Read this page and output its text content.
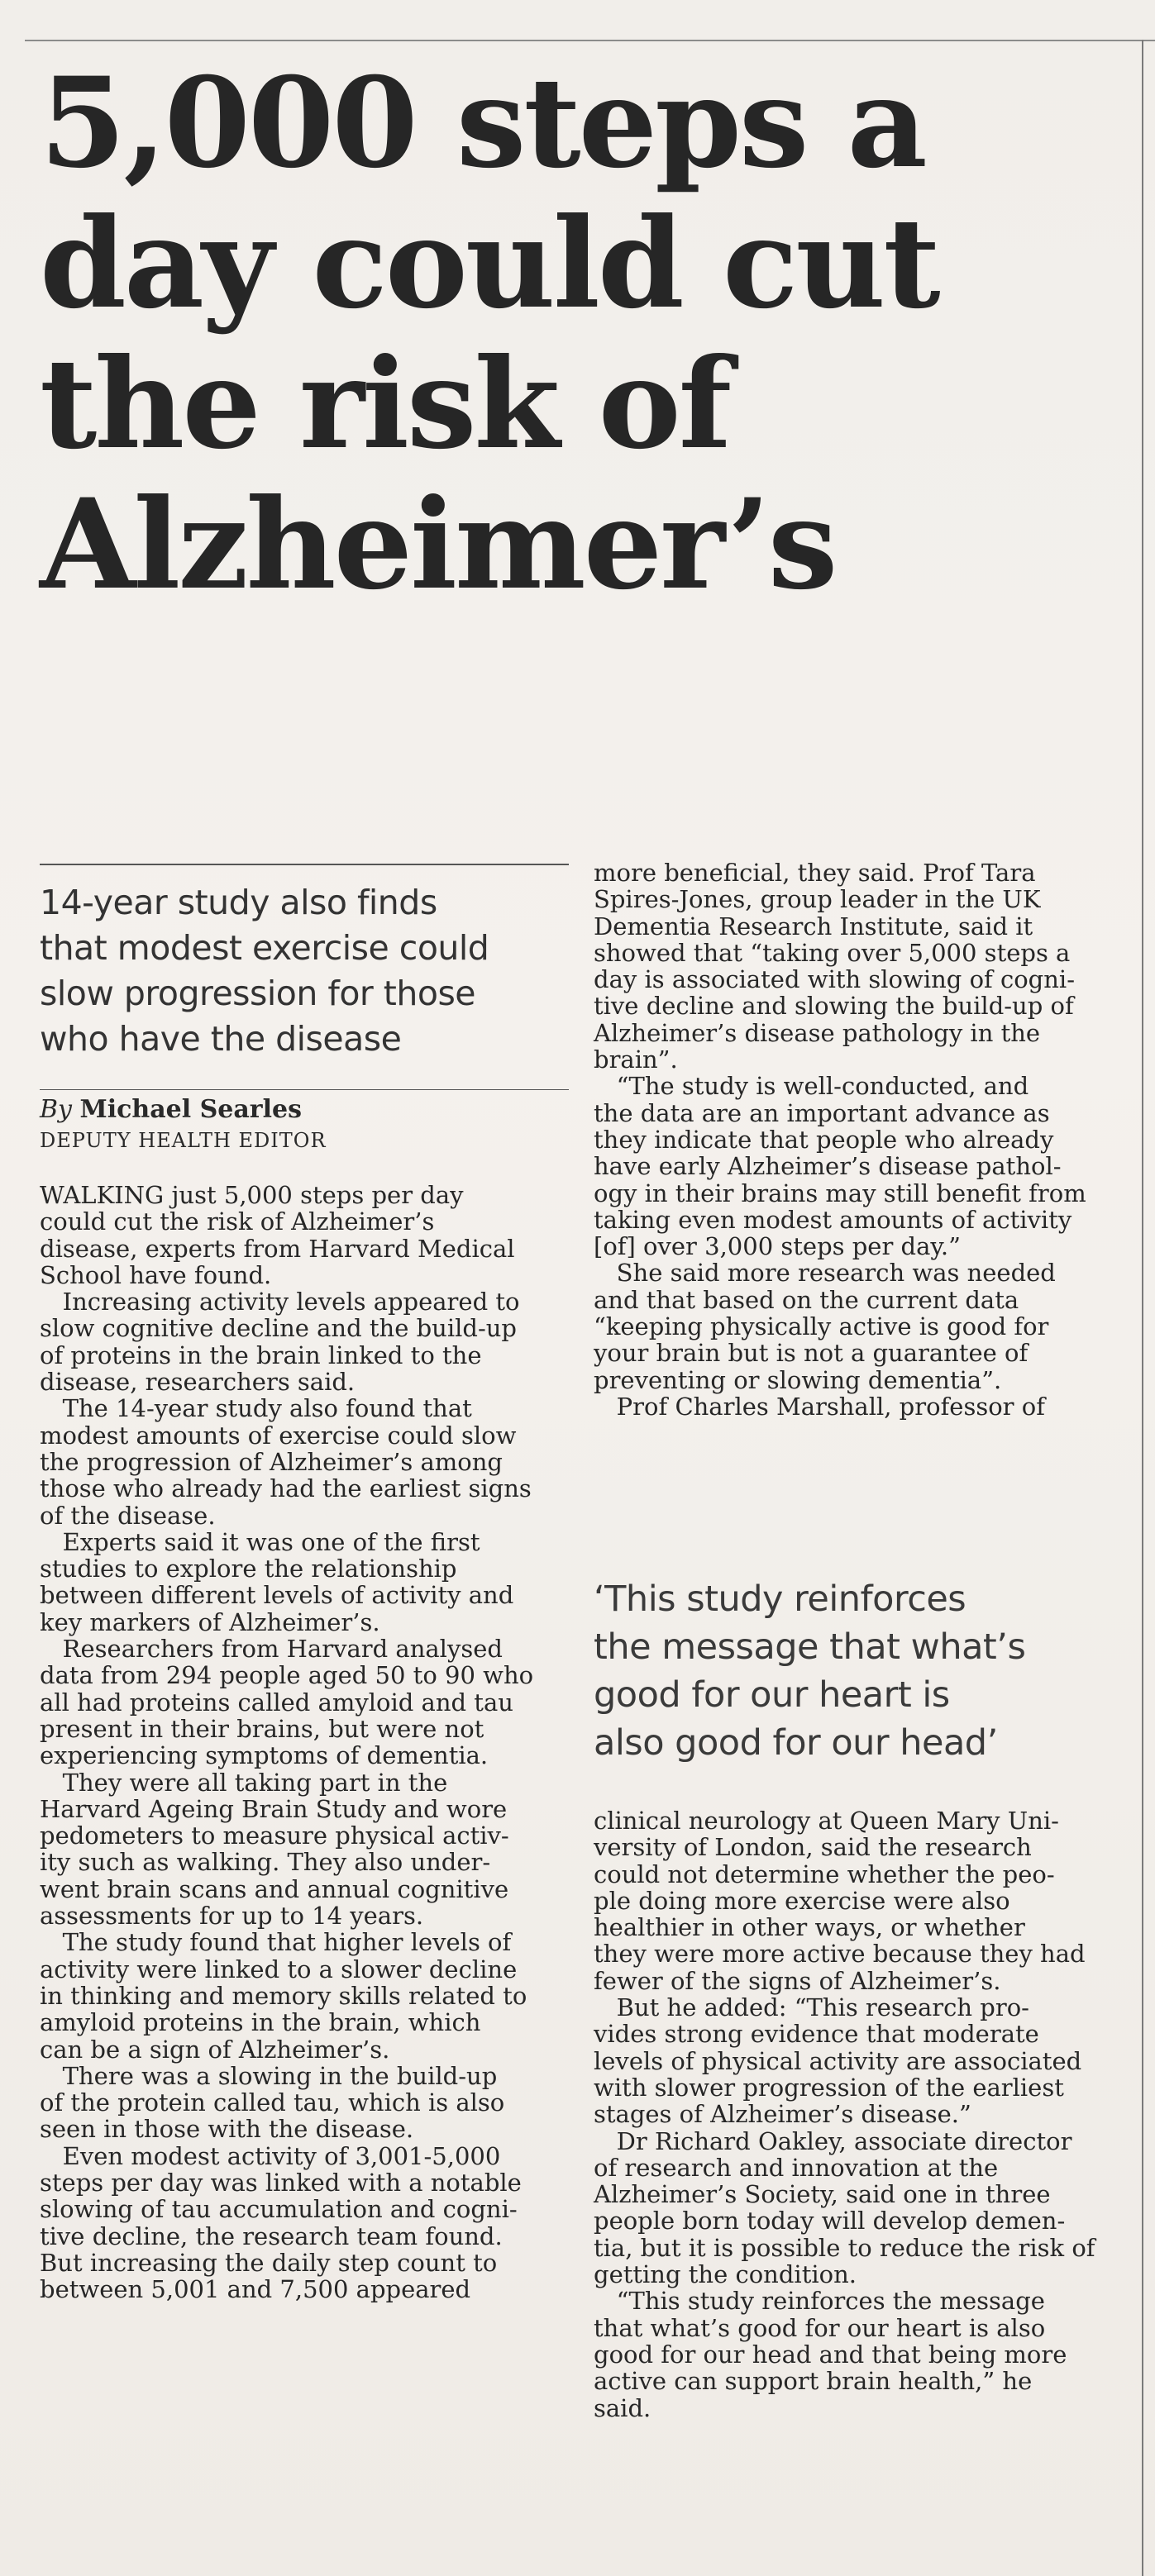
5,000 steps a
day could cut
the risk of
Alzheimer’s
14-year study also finds
that modest exercise could
slow progression for those
who have the disease
By Michael Searles
DEPUTY HEALTH EDITOR
WALKING just 5,000 steps per day
could cut the risk of Alzheimer’s
disease, experts from Harvard Medical
School have found.
Increasing activity levels appeared to
slow cognitive decline and the build-up
of proteins in the brain linked to the
disease, researchers said.
The 14-year study also found that
modest amounts of exercise could slow
the progression of Alzheimer’s among
those who already had the earliest signs
of the disease.
Experts said it was one of the first
studies to explore the relationship
between different levels of activity and
key markers of Alzheimer’s.
Researchers from Harvard analysed
data from 294 people aged 50 to 90 who
all had proteins called amyloid and tau
present in their brains, but were not
experiencing symptoms of dementia.
They were all taking part in the
Harvard Ageing Brain Study and wore
pedometers to measure physical activ-
ity such as walking. They also under-
went brain scans and annual cognitive
assessments for up to 14 years.
The study found that higher levels of
activity were linked to a slower decline
in thinking and memory skills related to
amyloid proteins in the brain, which
can be a sign of Alzheimer’s.
There was a slowing in the build-up
of the protein called tau, which is also
seen in those with the disease.
Even modest activity of 3,001-5,000
steps per day was linked with a notable
slowing of tau accumulation and cogni-
tive decline, the research team found.
But increasing the daily step count to
between 5,001 and 7,500 appeared
more beneficial, they said. Prof Tara
Spires-Jones, group leader in the UK
Dementia Research Institute, said it
showed that “taking over 5,000 steps a
day is associated with slowing of cogni-
tive decline and slowing the build-up of
Alzheimer’s disease pathology in the
brain”.
“The study is well-conducted, and
the data are an important advance as
they indicate that people who already
have early Alzheimer’s disease pathol-
ogy in their brains may still benefit from
taking even modest amounts of activity
[of] over 3,000 steps per day.”
She said more research was needed
and that based on the current data
“keeping physically active is good for
your brain but is not a guarantee of
preventing or slowing dementia”.
Prof Charles Marshall, professor of
‘This study reinforces
the message that what’s
good for our heart is
also good for our head’
clinical neurology at Queen Mary Uni-
versity of London, said the research
could not determine whether the peo-
ple doing more exercise were also
healthier in other ways, or whether
they were more active because they had
fewer of the signs of Alzheimer’s.
But he added: “This research pro-
vides strong evidence that moderate
levels of physical activity are associated
with slower progression of the earliest
stages of Alzheimer’s disease.”
Dr Richard Oakley, associate director
of research and innovation at the
Alzheimer’s Society, said one in three
people born today will develop demen-
tia, but it is possible to reduce the risk of
getting the condition.
“This study reinforces the message
that what’s good for our heart is also
good for our head and that being more
active can support brain health,” he
said.
